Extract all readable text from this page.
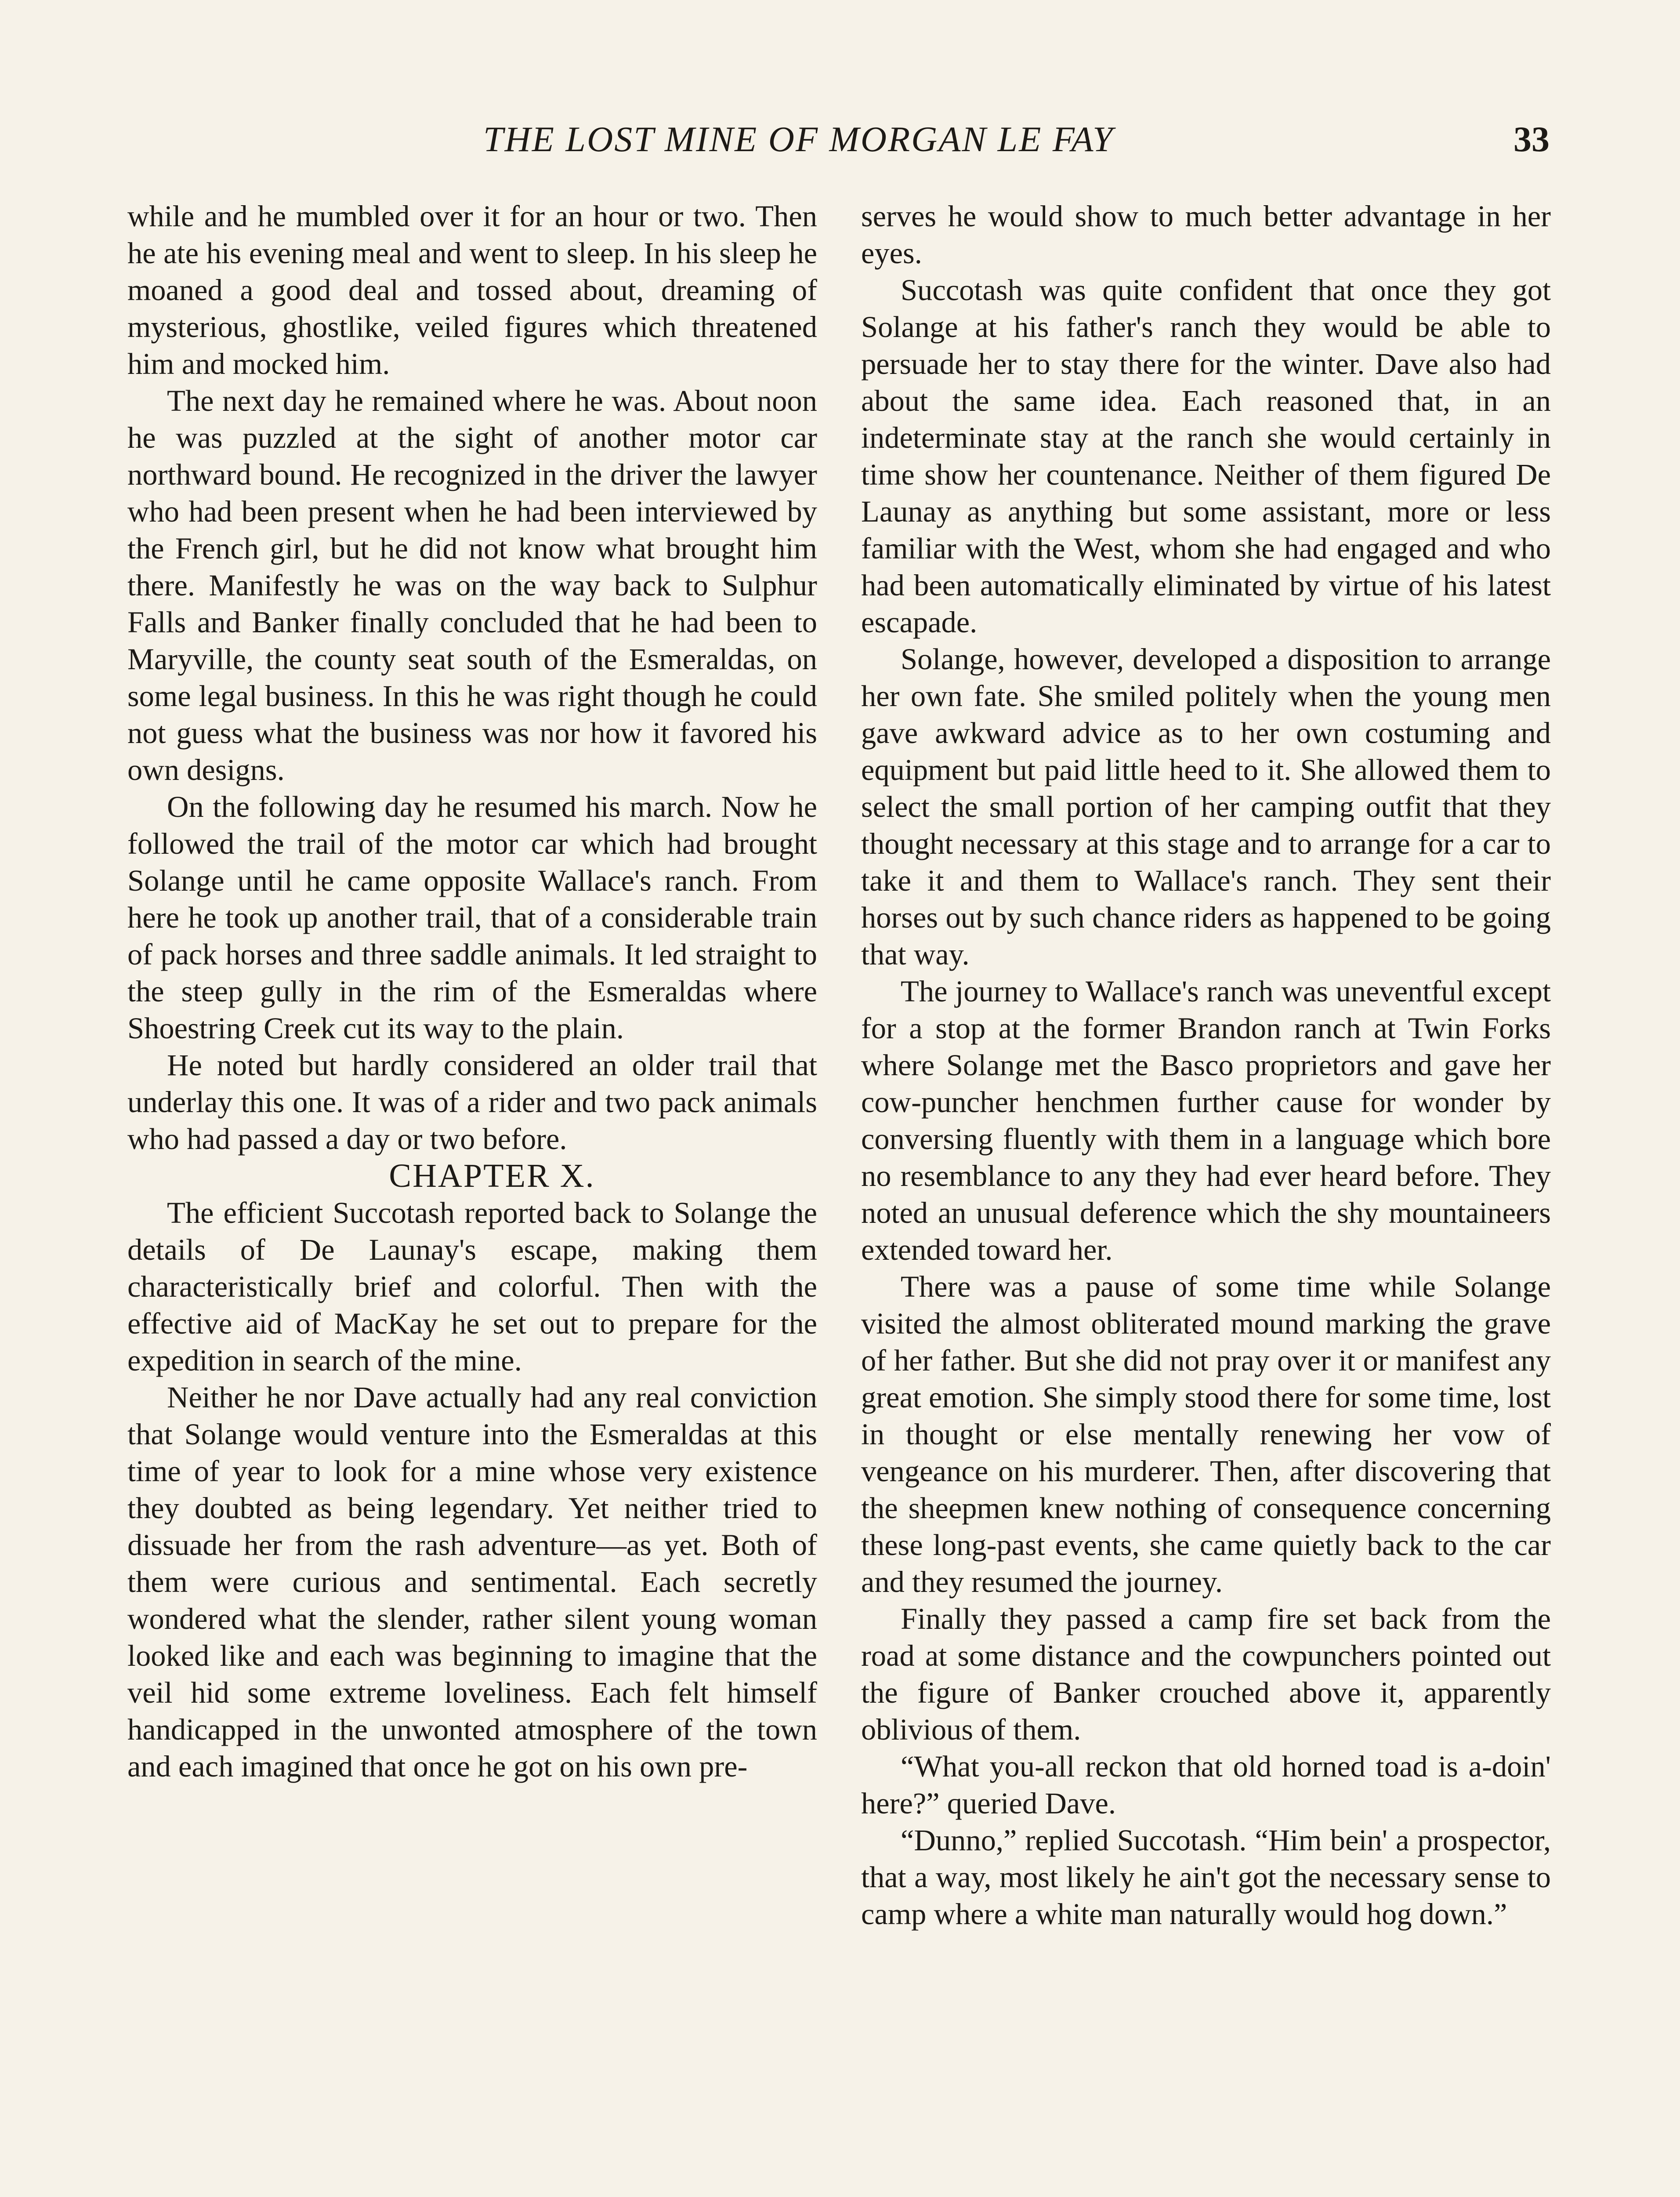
THE LOST MINE OF MORGAN LE FAY	33

while and he mumbled over it for an hour or two. Then he ate his evening meal and went to sleep. In his sleep he moaned a good deal and tossed about, dreaming of mysterious, ghostlike, veiled figures which threatened him and mocked him.

The next day he remained where he was. About noon he was puzzled at the sight of another motor car northward bound. He recognized in the driver the lawyer who had been present when he had been interviewed by the French girl, but he did not know what brought him there. Manifestly he was on the way back to Sulphur Falls and Banker finally concluded that he had been to Maryville, the county seat south of the Esmeraldas, on some legal business. In this he was right though he could not guess what the business was nor how it favored his own designs.

On the following day he resumed his march. Now he followed the trail of the motor car which had brought Solange until he came opposite Wallace's ranch. From here he took up another trail, that of a considerable train of pack horses and three saddle animals. It led straight to the steep gully in the rim of the Esmeraldas where Shoestring Creek cut its way to the plain.

He noted but hardly considered an older trail that underlay this one. It was of a rider and two pack animals who had passed a day or two before.

CHAPTER X.

The efficient Succotash reported back to Solange the details of De Launay's escape, making them characteristically brief and colorful. Then with the effective aid of MacKay he set out to prepare for the expedition in search of the mine.

Neither he nor Dave actually had any real conviction that Solange would venture into the Esmeraldas at this time of year to look for a mine whose very existence they doubted as being legendary. Yet neither tried to dissuade her from the rash adventure—as yet. Both of them were curious and sentimental. Each secretly wondered what the slender, rather silent young woman looked like and each was beginning to imagine that the veil hid some extreme loveliness. Each felt himself handicapped in the unwonted atmosphere of the town and each imagined that once he got on his own pre-

serves he would show to much better advantage in her eyes.

Succotash was quite confident that once they got Solange at his father's ranch they would be able to persuade her to stay there for the winter. Dave also had about the same idea. Each reasoned that, in an indeterminate stay at the ranch she would certainly in time show her countenance. Neither of them figured De Launay as anything but some assistant, more or less familiar with the West, whom she had engaged and who had been automatically eliminated by virtue of his latest escapade.

Solange, however, developed a disposition to arrange her own fate. She smiled politely when the young men gave awkward advice as to her own costuming and equipment but paid little heed to it. She allowed them to select the small portion of her camping outfit that they thought necessary at this stage and to arrange for a car to take it and them to Wallace's ranch. They sent their horses out by such chance riders as happened to be going that way.

The journey to Wallace's ranch was uneventful except for a stop at the former Brandon ranch at Twin Forks where Solange met the Basco proprietors and gave her cow-puncher henchmen further cause for wonder by conversing fluently with them in a language which bore no resemblance to any they had ever heard before. They noted an unusual deference which the shy mountaineers extended toward her.

There was a pause of some time while Solange visited the almost obliterated mound marking the grave of her father. But she did not pray over it or manifest any great emotion. She simply stood there for some time, lost in thought or else mentally renewing her vow of vengeance on his murderer. Then, after discovering that the sheepmen knew nothing of consequence concerning these long-past events, she came quietly back to the car and they resumed the journey.

Finally they passed a camp fire set back from the road at some distance and the cowpunchers pointed out the figure of Banker crouched above it, apparently oblivious of them.

“What you-all reckon that old horned toad is a-doin' here?” queried Dave.

“Dunno,” replied Succotash. “Him bein' a prospector, that a way, most likely he ain't got the necessary sense to camp where a white man naturally would hog down.”
